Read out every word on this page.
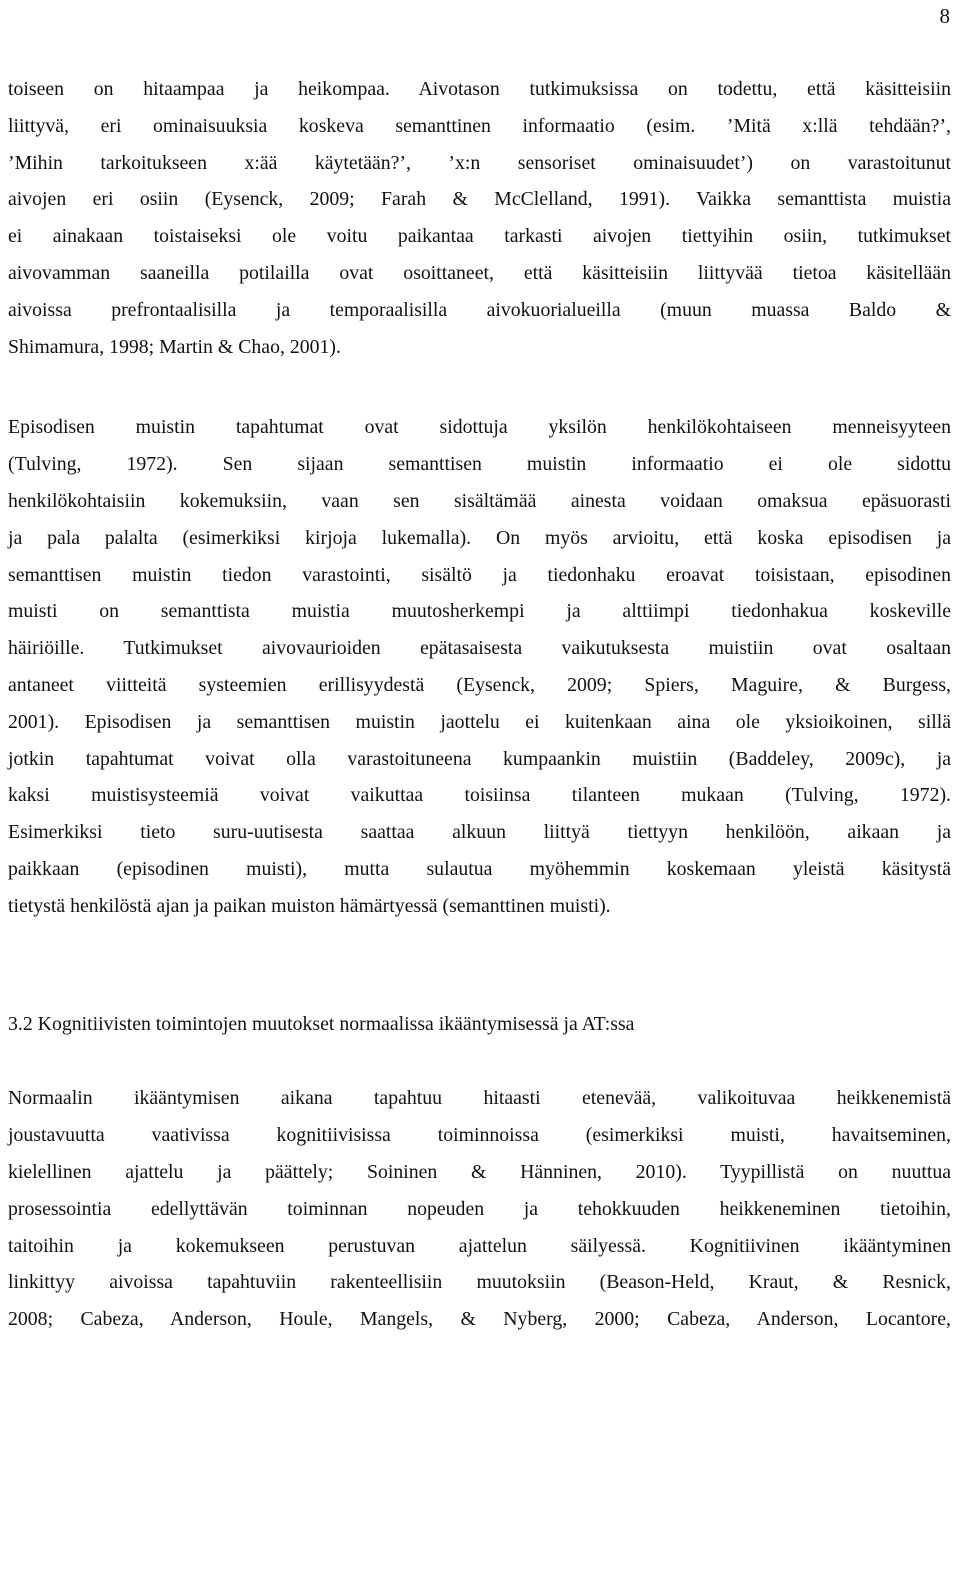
8
toiseen on hitaampaa ja heikompaa. Aivotason tutkimuksissa on todettu, että käsitteisiin
liittyvä, eri ominaisuuksia koskeva semanttinen informaatio (esim. ’Mitä x:llä tehdään?’,
’Mihin tarkoitukseen x:ää käytetään?’, ’x:n sensoriset ominaisuudet’) on varastoitunut
aivojen eri osiin (Eysenck, 2009; Farah & McClelland, 1991). Vaikka semanttista muistia
ei ainakaan toistaiseksi ole voitu paikantaa tarkasti aivojen tiettyihin osiin, tutkimukset
aivovamman saaneilla potilailla ovat osoittaneet, että käsitteisiin liittyvää tietoa käsitellään
aivoissa prefrontaalisilla ja temporaalisilla aivokuorialueilla (muun muassa Baldo &
Shimamura, 1998; Martin & Chao, 2001).
Episodisen muistin tapahtumat ovat sidottuja yksilön henkilökohtaiseen menneisyyteen
(Tulving, 1972). Sen sijaan semanttisen muistin informaatio ei ole sidottu
henkilökohtaisiin kokemuksiin, vaan sen sisältämää ainesta voidaan omaksua epäsuorasti
ja pala palalta (esimerkiksi kirjoja lukemalla). On myös arvioitu, että koska episodisen ja
semanttisen muistin tiedon varastointi, sisältö ja tiedonhaku eroavat toisistaan, episodinen
muisti on semanttista muistia muutosherkempi ja alttiimpi tiedonhakua koskeville
häiriöille. Tutkimukset aivovaurioiden epätasaisesta vaikutuksesta muistiin ovat osaltaan
antaneet viitteitä systeemien erillisyydestä (Eysenck, 2009; Spiers, Maguire, & Burgess,
2001). Episodisen ja semanttisen muistin jaottelu ei kuitenkaan aina ole yksioikoinen, sillä
jotkin tapahtumat voivat olla varastoituneena kumpaankin muistiin (Baddeley, 2009c), ja
kaksi muistisysteemiä voivat vaikuttaa toisiinsa tilanteen mukaan (Tulving, 1972).
Esimerkiksi tieto suru-uutisesta saattaa alkuun liittyä tiettyyn henkilöön, aikaan ja
paikkaan (episodinen muisti), mutta sulautua myöhemmin koskemaan yleistä käsitystä
tietystä henkilöstä ajan ja paikan muiston hämärtyessä (semanttinen muisti).
3.2 Kognitiivisten toimintojen muutokset normaalissa ikääntymisessä ja AT:ssa
Normaalin ikääntymisen aikana tapahtuu hitaasti etenevää, valikoituvaa heikkenemistä
joustavuutta vaativissa kognitiivisissa toiminnoissa (esimerkiksi muisti, havaitseminen,
kielellinen ajattelu ja päättely; Soininen & Hänninen, 2010). Tyypillistä on nuuttua
prosessointia edellyttävän toiminnan nopeuden ja tehokkuuden heikkeneminen tietoihin,
taitoihin ja kokemukseen perustuvan ajattelun säilyessä. Kognitiivinen ikääntyminen
linkittyy aivoissa tapahtuviin rakenteellisiin muutoksiin (Beason-Held, Kraut, & Resnick,
2008; Cabeza, Anderson, Houle, Mangels, & Nyberg, 2000; Cabeza, Anderson, Locantore,
